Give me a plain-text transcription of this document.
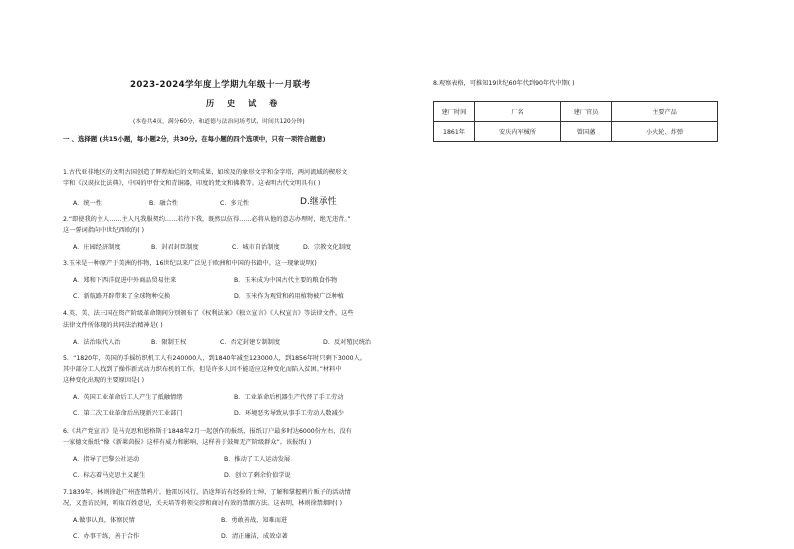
2023-2024学年度上学期九年级十一月联考
历 史 试 卷
(本卷共4页，满分60分，和道德与法治同场考试，时间共120分钟)
一 、选择题 (共15小题，每小题2分，共30分。在每小题的四个选项中，只有一项符合题意)
1.古代亚非地区的文明古国创造了辉煌灿烂的文明成果，如埃及的象形文字和金字塔，两河流域的楔形文
字和《汉谟拉比法典》，中国的甲骨文和青铜器，印度的梵文和佛教等。这表明古代文明具有( )
A．统一性	B．融合性	C．多元性	D.继承性
2.“即使我的主人……主人凡我服契约……若待下我，既然以伍得……必将从他的意志办理时，绝无违背。”
这一誓词指向中世纪西欧的( )
A．庄园经济制度	B．封君封臣制度	C．城市自治制度	D．宗教文化制度
3.玉米是一种原产于美洲的作物，16世纪以来广泛见于欧洲和中国的书籍中。这一现象说明()
A．郑和下西洋促进中外商品贸易往来	B．玉米成为中国古代主要的粮食作物
C．新航路开辟带来了全球物种交换	D．玉米作为观赏和药用植物被广泛种植
4.英、美、法三国在资产阶级革命期间分别颁布了《权利法案》《独立宣言》《人权宣言》等法律文件。这些
法律文件所体现的共同法治精神是( )
A．法治取代人治	B．限制王权	C．否定封建专制制度	D．反对殖民统治
5．“1820年，英国的手摇纺织机工人有240000人，到1840年减至123000人，到1856年时只剩下3000人。
其中部分工人找到了操作新式动力织布机的工作，但是许多人因不能适应这种变化而陷入贫困。”材料中
这种变化出现的主要原因是( )
A．英国工业革命后工人产生了抵触情绪	B．工业革命后机器生产代替了手工劳动
C．第二次工业革命后出现新兴工业部门	D．环境恶劣导致从事手工劳动人数减少
6.《共产党宣言》是马克思和恩格斯于1848年2月一起创作的报纸，报纸订户最多时达6000份左右，没有
一家德文报纸“像《新莱茵报》这样有威力和影响，这样善于鼓舞无产阶级群众”。该报纸( )
A．指导了巴黎公社运动	B．推动了工人运动发展
C．标志着马克思主义诞生	D．创立了剩余价值学说
7.1839年，林则徐赴广州查禁鸦片。他雷厉风行，沿途拜访有经验的士绅，了解和掌握鸦片贩子的活动情
况，又查访民间，听取百姓意见，关天培等将领交涉和商讨有效的禁烟方法。这表明，林则徐禁烟时( )
A.做事认真，体察民情	B．勇敢善战，知难而进
C．办事干练，善于合作	D．清正廉洁，成效卓著
8.观察表格，可推知19世纪60年代到90年代中期( )
建厂时间	厂名	建厂官员	主要产品
1861年	安庆内军械所	曾国藩	小火轮、炸弹
